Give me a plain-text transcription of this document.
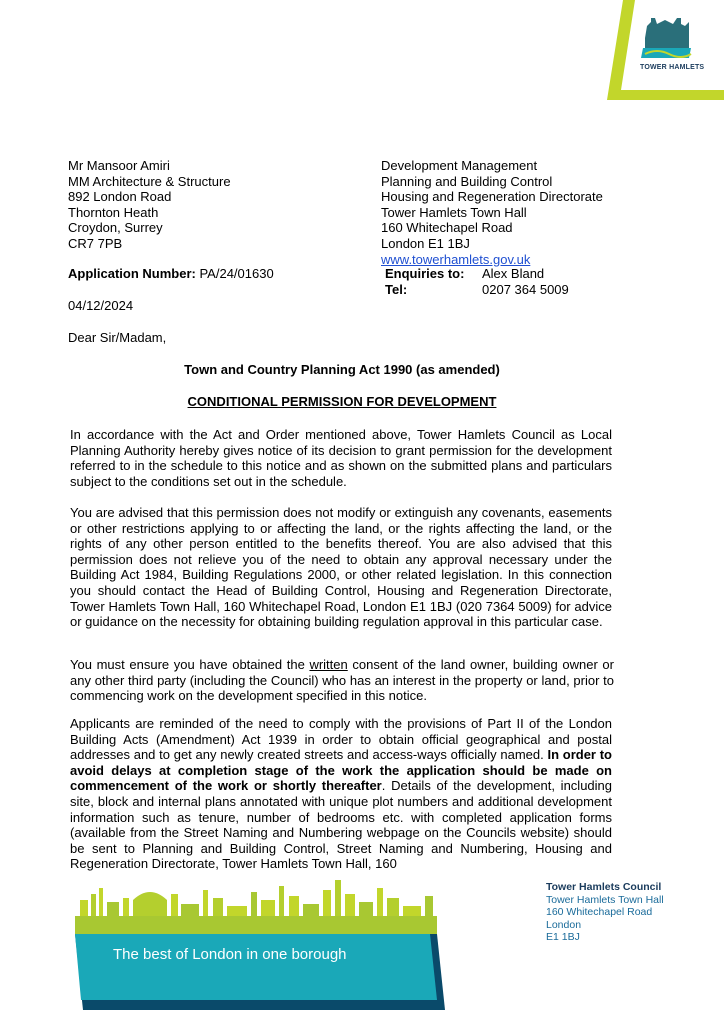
TOWER HAMLETS
Mr Mansoor Amiri
MM Architecture & Structure
892 London Road
Thornton Heath
Croydon, Surrey
CR7 7PB
Development Management
Planning and Building Control
Housing and Regeneration Directorate
Tower Hamlets Town Hall
160 Whitechapel Road
London E1 1BJ
www.towerhamlets.gov.uk
Enquiries to: Alex Bland
Tel:	0207 364 5009
Application Number: PA/24/01630
04/12/2024
Dear Sir/Madam,
Town and Country Planning Act 1990 (as amended)
CONDITIONAL PERMISSION FOR DEVELOPMENT
In accordance with the Act and Order mentioned above, Tower Hamlets Council as Local Planning Authority hereby gives notice of its decision to grant permission for the development referred to in the schedule to this notice and as shown on the submitted plans and particulars subject to the conditions set out in the schedule.
You are advised that this permission does not modify or extinguish any covenants, easements or other restrictions applying to or affecting the land, or the rights affecting the land, or the rights of any other person entitled to the benefits thereof. You are also advised that this permission does not relieve you of the need to obtain any approval necessary under the Building Act 1984, Building Regulations 2000, or other related legislation. In this connection you should contact the Head of Building Control, Housing and Regeneration Directorate, Tower Hamlets Town Hall, 160 Whitechapel Road, London E1 1BJ (020 7364 5009) for advice or guidance on the necessity for obtaining building regulation approval in this particular case.
You must ensure you have obtained the written consent of the land owner, building owner or any other third party (including the Council) who has an interest in the property or land, prior to commencing work on the development specified in this notice.
Applicants are reminded of the need to comply with the provisions of Part II of the London Building Acts (Amendment) Act 1939 in order to obtain official geographical and postal addresses and to get any newly created streets and access-ways officially named. In order to avoid delays at completion stage of the work the application should be made on commencement of the work or shortly thereafter. Details of the development, including site, block and internal plans annotated with unique plot numbers and additional development information such as tenure, number of bedrooms etc. with completed application forms (available from the Street Naming and Numbering webpage on the Councils website) should be sent to Planning and Building Control, Street Naming and Numbering, Housing and Regeneration Directorate, Tower Hamlets Town Hall, 160
The best of London in one borough
Tower Hamlets Council
Tower Hamlets Town Hall
160 Whitechapel Road
London
E1 1BJ
